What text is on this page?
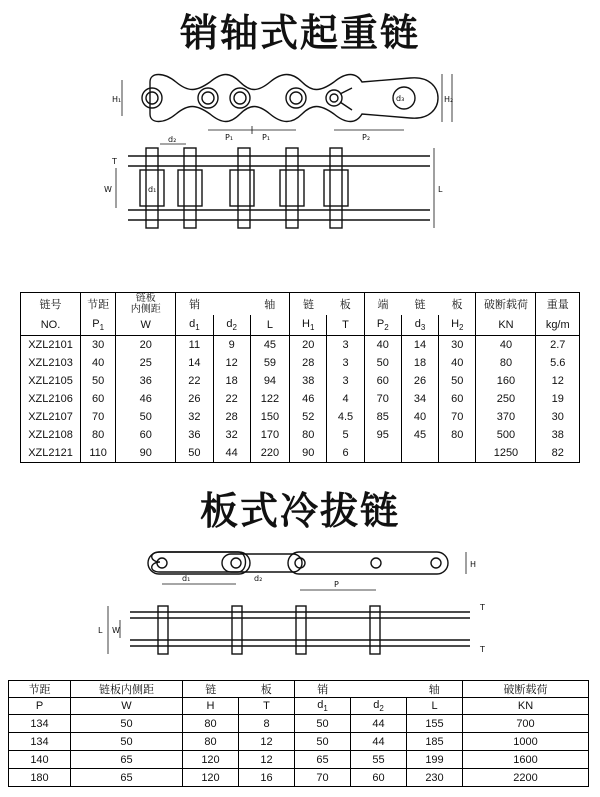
销轴式起重链
板式冷拔链
H₁	H₂
P₁	P₁	P₂
d₃
d₂
d₁
W	L
T
链号	节距	链板
内侧距	销		轴	链	板	端	链	板	破断载荷	重量
NO.	$P_1$	W	$d_1$	$d_2$	L	$H_1$	T	$P_2$	$d_3$	$H_2$	KN	kg/m
XZL2101	30	20	11	9	45	20	3	40	14	30	40	2.7
XZL2103	40	25	14	12	59	28	3	50	18	40	80	5.6
XZL2105	50	36	22	18	94	38	3	60	26	50	160	12
XZL2106	60	46	26	22	122	46	4	70	34	60	250	19
XZL2107	70	50	32	28	150	52	4.5	85	40	70	370	30
XZL2108	80	60	36	32	170	80	5	95	45	80	500	38
XZL2121	110	90	50	44	220	90	6				1250	82
H
d₁	d₂
P
W
L
T
T
节距	链板内侧距	链	板	销		轴	破断载荷
P	W	H	T	$d_1$	$d_2$	L	KN
134	50	80	8	50	44	155	700
134	50	80	12	50	44	185	1000
140	65	120	12	65	55	199	1600
180	65	120	16	70	60	230	2200
